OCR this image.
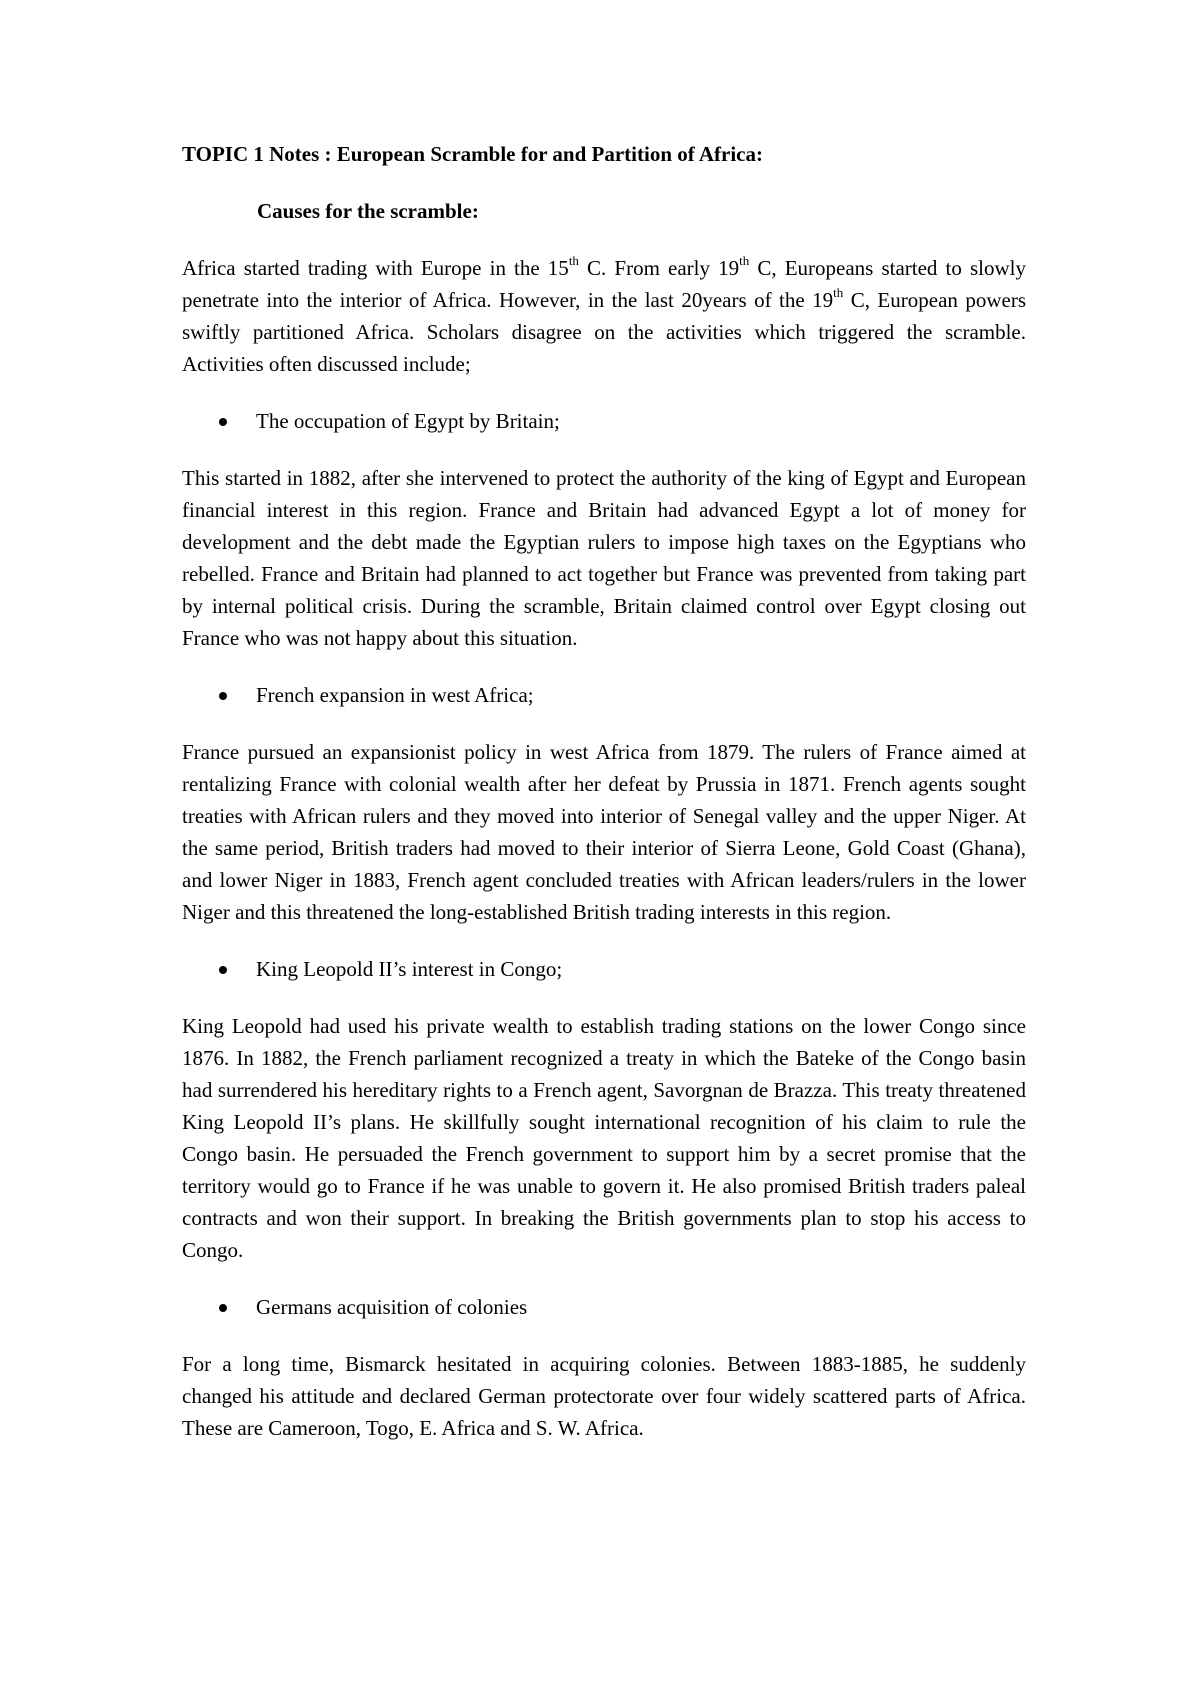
TOPIC 1 Notes : European Scramble for and Partition of Africa:

Causes for the scramble:

Africa started trading with Europe in the 15th C. From early 19th C, Europeans started to slowly penetrate into the interior of Africa. However, in the last 20years of the 19th C, European powers swiftly partitioned Africa. Scholars disagree on the activities which triggered the scramble. Activities often discussed include;

The occupation of Egypt by Britain;

This started in 1882, after she intervened to protect the authority of the king of Egypt and European financial interest in this region. France and Britain had advanced Egypt a lot of money for development and the debt made the Egyptian rulers to impose high taxes on the Egyptians who rebelled. France and Britain had planned to act together but France was prevented from taking part by internal political crisis. During the scramble, Britain claimed control over Egypt closing out France who was not happy about this situation.

French expansion in west Africa;

France pursued an expansionist policy in west Africa from 1879. The rulers of France aimed at rentalizing France with colonial wealth after her defeat by Prussia in 1871. French agents sought treaties with African rulers and they moved into interior of Senegal valley and the upper Niger. At the same period, British traders had moved to their interior of Sierra Leone, Gold Coast (Ghana), and lower Niger in 1883, French agent concluded treaties with African leaders/rulers in the lower Niger and this threatened the long-established British trading interests in this region.

King Leopold II’s interest in Congo;

King Leopold had used his private wealth to establish trading stations on the lower Congo since 1876. In 1882, the French parliament recognized a treaty in which the Bateke of the Congo basin had surrendered his hereditary rights to a French agent, Savorgnan de Brazza. This treaty threatened King Leopold II’s plans. He skillfully sought international recognition of his claim to rule the Congo basin. He persuaded the French government to support him by a secret promise that the territory would go to France if he was unable to govern it. He also promised British traders paleal contracts and won their support. In breaking the British governments plan to stop his access to Congo.

Germans acquisition of colonies

For a long time, Bismarck hesitated in acquiring colonies. Between 1883-1885, he suddenly changed his attitude and declared German protectorate over four widely scattered parts of Africa. These are Cameroon, Togo, E. Africa and S. W. Africa.
